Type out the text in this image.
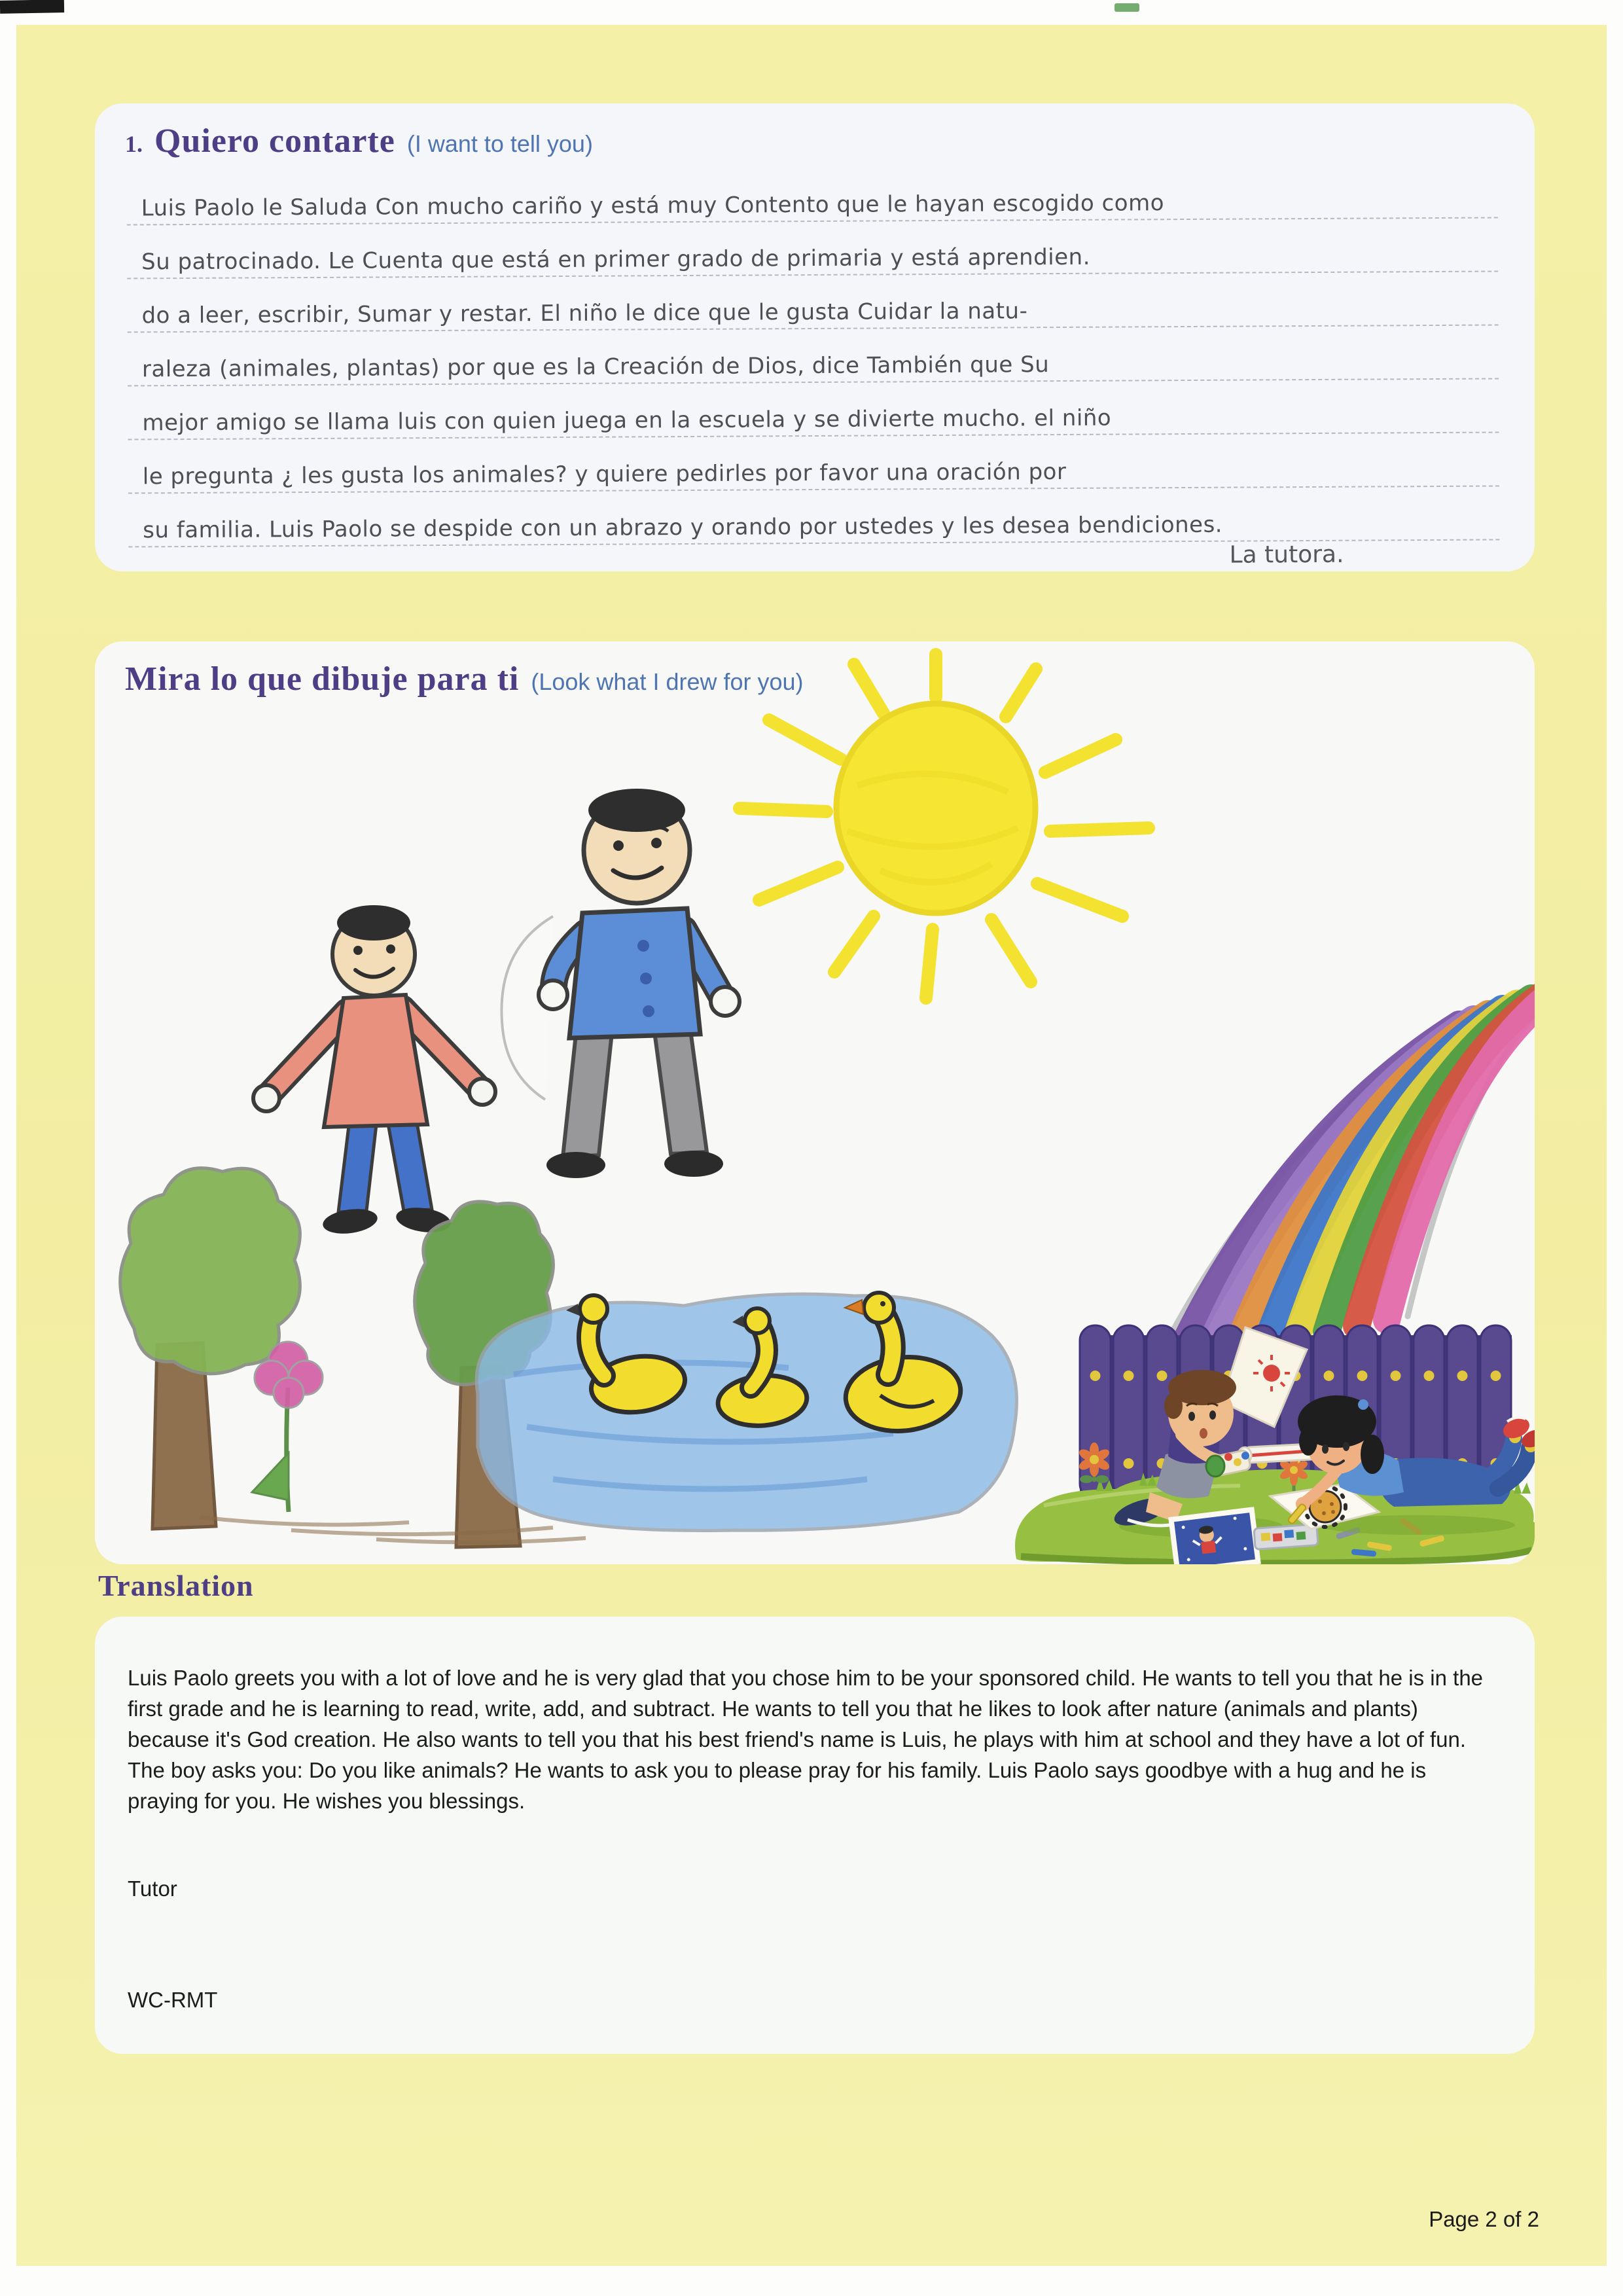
1. Quiero contarte (I want to tell you)
Luis Paolo le Saluda Con mucho cariño y está muy Contento que le hayan escogido como
Su patrocinado. Le Cuenta que está en primer grado de primaria y está aprendien.
do a leer, escribir, Sumar y restar. El niño le dice que le gusta Cuidar la natu-
raleza (animales, plantas) por que es la Creación de Dios, dice También que Su
mejor amigo se llama luis con quien juega en la escuela y se divierte mucho. el niño
le pregunta ¿ les gusta los animales? y quiere pedirles por favor una oración por
su familia. Luis Paolo se despide con un abrazo y orando por ustedes y les desea bendiciones.
La tutora.
Mira lo que dibuje para ti (Look what I drew for you)
Translation
Luis Paolo greets you with a lot of love and he is very glad that you chose him to be your sponsored child. He wants to tell you that he is in the first grade and he is learning to read, write, add, and subtract. He wants to tell you that he likes to look after nature (animals and plants) because it's God creation. He also wants to tell you that his best friend's name is Luis, he plays with him at school and they have a lot of fun. The boy asks you: Do you like animals? He wants to ask you to please pray for his family. Luis Paolo says goodbye with a hug and he is praying for you. He wishes you blessings.
Tutor
WC-RMT
Page 2 of 2
